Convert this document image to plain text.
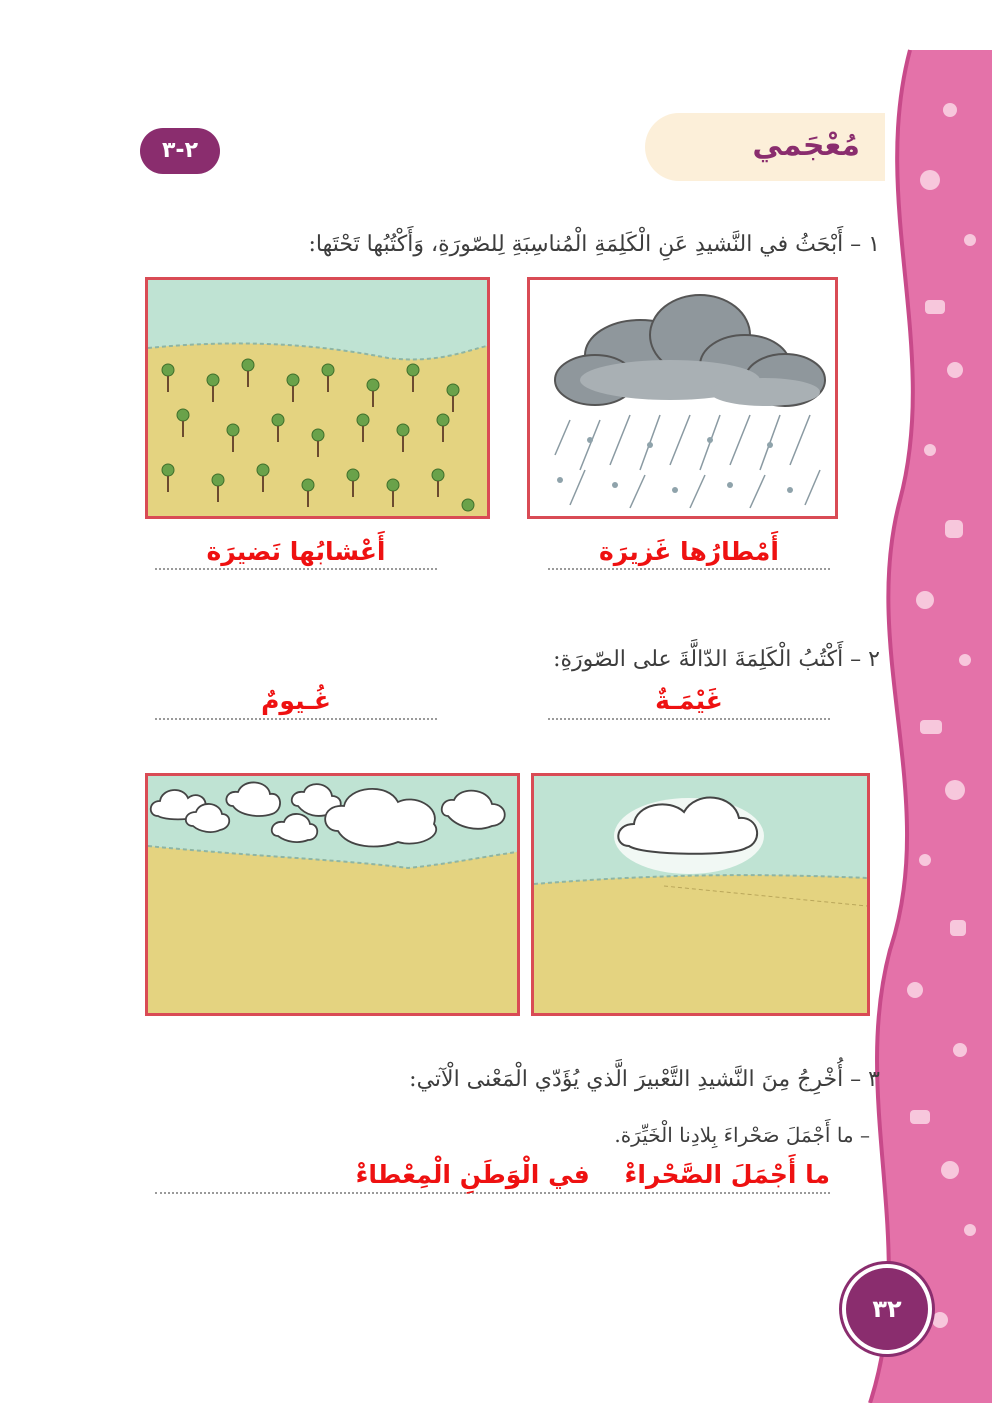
مُعْجَمي
٢-٣
١ – أَبْحَثُ في النَّشيدِ عَنِ الْكَلِمَةِ الْمُناسِبَةِ لِلصّورَةِ، وَأَكْتُبُها تَحْتَها:
أَمْطارُها غَزيرَة
أَعْشابُها نَضيرَة
٢ – أَكْتُبُ الْكَلِمَةَ الدّالَّةَ على الصّورَةِ:
غَيْمَـةٌ
غُـيومٌ
٣ – أُخْرِجُ مِنَ النَّشيدِ التَّعْبيرَ الَّذي يُؤَدّي الْمَعْنى الْآتي:
– ما أَجْمَلَ صَحْراءَ بِلادِنا الْخَيِّرَة.
ما أَجْمَلَ الصَّحْراءْ    في الْوَطَنِ الْمِعْطاءْ
٣٢
